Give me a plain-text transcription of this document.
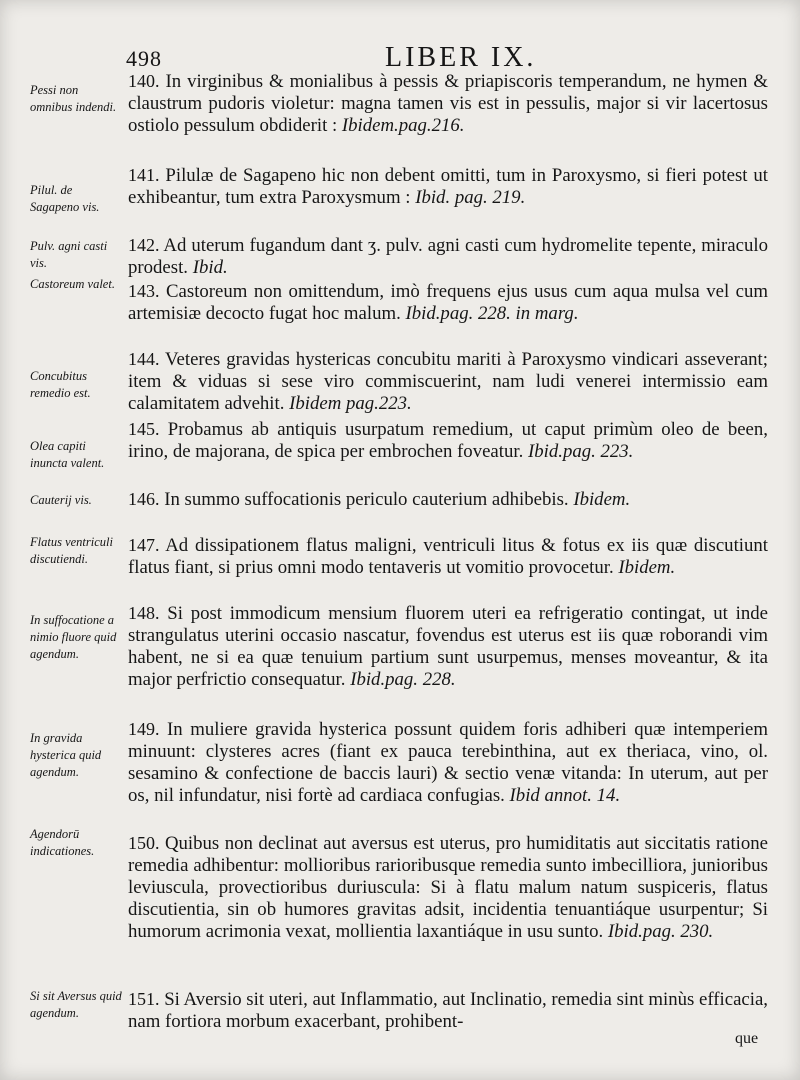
498	LIBER IX.
Pessi non omnibus indendi.
Pilul. de Sagapeno vis.
Pulv. agni casti vis.
Castoreum valet.
Concubitus remedio est.
Olea capiti inuncta valent.
Cauterij vis.
Flatus ventriculi discutiendi.
In suffocatione a nimio fluore quid agendum.
In gravida hysterica quid agendum.
Agendorū indicationes.
Si sit Aversus quid agendum.

140. In virginibus & monialibus à pessis & priapiscoris temperandum, ne hymen & claustrum pudoris violetur: magna tamen vis est in pessulis, major si vir lacertosus ostiolo pessulum obdiderit : Ibidem.pag.216.

141. Pilulæ de Sagapeno hic non debent omitti, tum in Paroxysmo, si fieri potest ut exhibeantur, tum extra Paroxysmum : Ibid. pag. 219.

142. Ad uterum fugandum dant ʒ. pulv. agni casti cum hydromelite tepente, miraculo prodest. Ibid.

143. Castoreum non omittendum, imò frequens ejus usus cum aqua mulsa vel cum artemisiæ decocto fugat hoc malum. Ibid.pag. 228. in marg.

144. Veteres gravidas hystericas concubitu mariti à Paroxysmo vindicari asseverant; item & viduas si sese viro commiscuerint, nam ludi venerei intermissio eam calamitatem advehit. Ibidem pag.223.

145. Probamus ab antiquis usurpatum remedium, ut caput primùm oleo de been, irino, de majorana, de spica per embrochen foveatur. Ibid.pag. 223.

146. In summo suffocationis periculo cauterium adhibebis. Ibidem.

147. Ad dissipationem flatus maligni, ventriculi litus & fotus ex iis quæ discutiunt flatus fiant, si prius omni modo tentaveris ut vomitio provocetur. Ibidem.

148. Si post immodicum mensium fluorem uteri ea refrigeratio contingat, ut inde strangulatus uterini occasio nascatur, fovendus est uterus est iis quæ roborandi vim habent, ne si ea quæ tenuium partium sunt usurpemus, menses moveantur, & ita major perfrictio consequatur. Ibid.pag. 228.

149. In muliere gravida hysterica possunt quidem foris adhiberi quæ intemperiem minuunt: clysteres acres (fiant ex pauca terebinthina, aut ex theriaca, vino, ol. sesamino & confectione de baccis lauri) & sectio venæ vitanda: In uterum, aut per os, nil infundatur, nisi fortè ad cardiaca confugias. Ibid annot. 14.

150. Quibus non declinat aut aversus est uterus, pro humiditatis aut siccitatis ratione remedia adhibentur: mollioribus rarioribusque remedia sunto imbecilliora, junioribus leviuscula, provectioribus duriuscula: Si à flatu malum natum suspiceris, flatus discutientia, sin ob humores gravitas adsit, incidentia tenuantiáque usurpentur; Si humorum acrimonia vexat, mollientia laxantiáque in usu sunto. Ibid.pag. 230.

151. Si Aversio sit uteri, aut Inflammatio, aut Inclinatio, remedia sint minùs efficacia, nam fortiora morbum exacerbant, prohibent-

que
